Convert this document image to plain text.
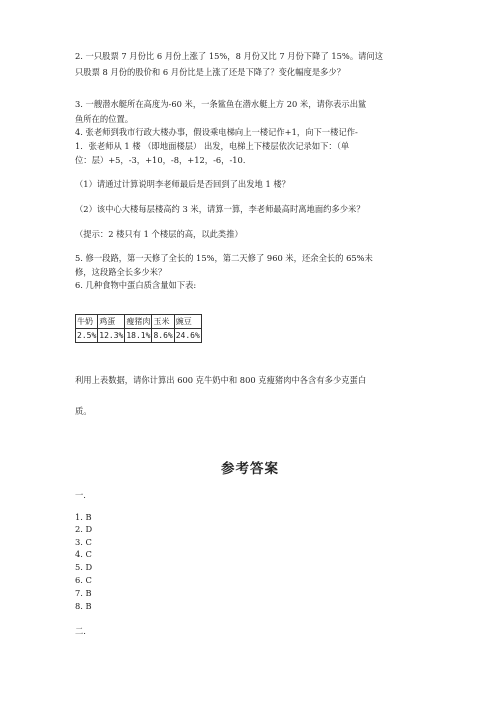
2. 一只股票 7 月份比 6 月份上涨了 15%，8 月份又比 7 月份下降了 15%。请问这

只股票 8 月份的股价和 6 月份比是上涨了还是下降了？变化幅度是多少？

3. 一艘潜水艇所在高度为-60 米，一条鲨鱼在潜水艇上方 20 米，请你表示出鲨

鱼所在的位置。

4. 张老师到我市行政大楼办事，假设乘电梯向上一楼记作+1，向下一楼记作-

1．张老师从 1 楼 （即地面楼层） 出发，电梯上下楼层依次记录如下：（单

位：层）+5，-3，+10，-8，+12，-6，-10．

（1）请通过计算说明李老师最后是否回到了出发地 1 楼？

（2）该中心大楼每层楼高约 3 米，请算一算，李老师最高时离地面约多少米？

（提示：2 楼只有 1 个楼层的高，以此类推）

5. 修一段路，第一天修了全长的 15%，第二天修了 960 米，还余全长的 65%未

修，这段路全长多少米？

6. 几种食物中蛋白质含量如下表:

牛奶	鸡蛋	瘦猪肉	玉米	豌豆
2.5%	12.3%	18.1%	8.6%	24.6%

利用上表数据，请你计算出 600 克牛奶中和 800 克瘦猪肉中各含有多少克蛋白

质。

参考答案
一.
1. B
2. D
3. C
4. C
5. D
6. C
7. B
8. B
二.
